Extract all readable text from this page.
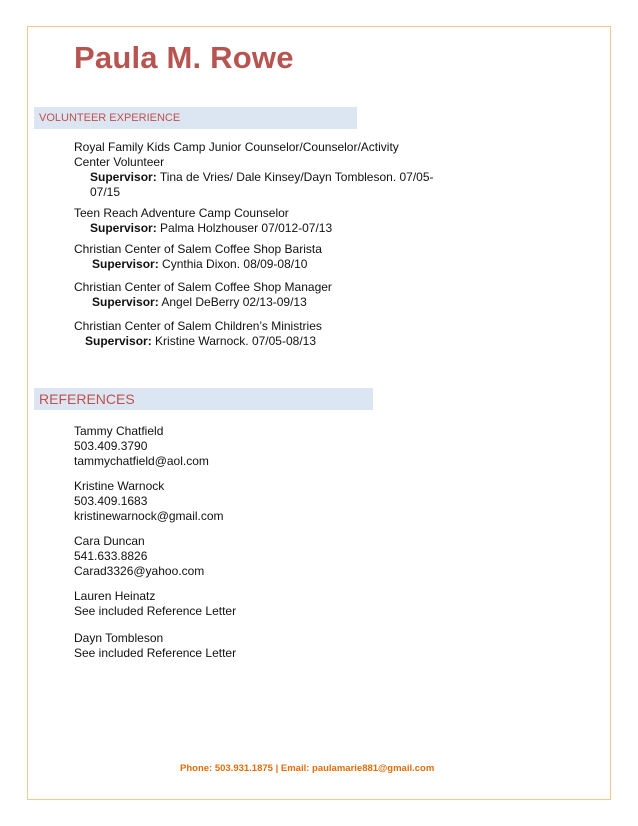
Paula M. Rowe
VOLUNTEER EXPERIENCE
Royal Family Kids Camp Junior Counselor/Counselor/Activity Center Volunteer
Supervisor: Tina de Vries/ Dale Kinsey/Dayn Tombleson. 07/05-07/15
Teen Reach Adventure Camp Counselor
Supervisor: Palma Holzhouser 07/012-07/13
Christian Center of Salem Coffee Shop Barista
Supervisor: Cynthia Dixon. 08/09-08/10
Christian Center of Salem Coffee Shop Manager
Supervisor: Angel DeBerry 02/13-09/13
Christian Center of Salem Children’s Ministries
Supervisor: Kristine Warnock. 07/05-08/13
REFERENCES
Tammy Chatfield
503.409.3790
tammychatfield@aol.com
Kristine Warnock
503.409.1683
kristinewarnock@gmail.com
Cara Duncan
541.633.8826
Carad3326@yahoo.com
Lauren Heinatz
See included Reference Letter
Dayn Tombleson
See included Reference Letter
Phone: 503.931.1875 | Email: paulamarie881@gmail.com
